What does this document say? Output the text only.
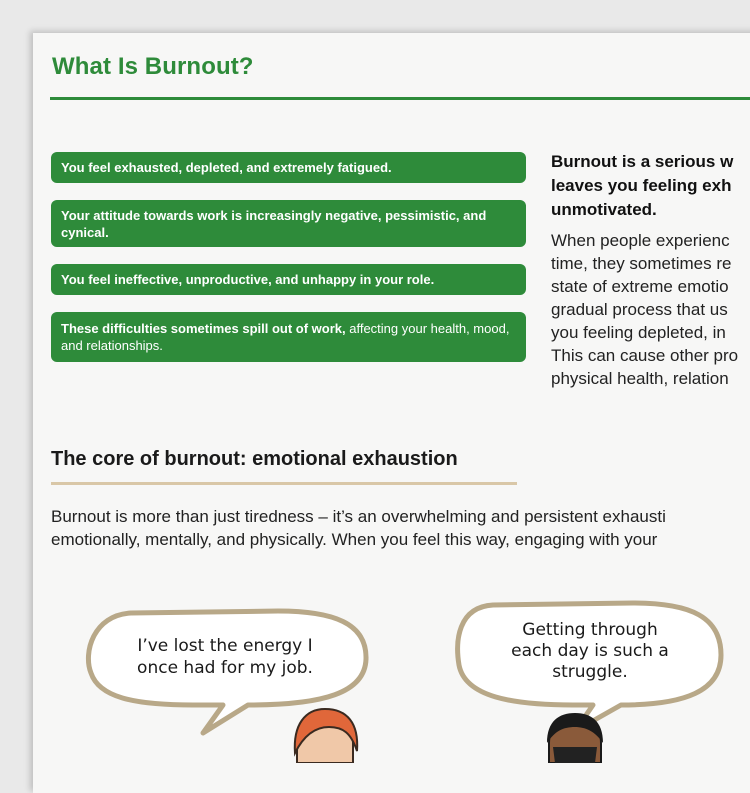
What Is Burnout?
You feel exhausted, depleted, and extremely fatigued.
Your attitude towards work is increasingly negative, pessimistic, and cynical.
You feel ineffective, unproductive, and unhappy in your role.
These difficulties sometimes spill out of work, affecting your health, mood, and relationships.

Burnout is a serious w
leaves you feeling exh
unmotivated.

When people experienc
time, they sometimes re
state of extreme emotio
gradual process that us
you feeling depleted, in
This can cause other pro
physical health, relation

The core of burnout: emotional exhaustion

Burnout is more than just tiredness – it’s an overwhelming and persistent exhausti
emotionally, mentally, and physically. When you feel this way, engaging with your

I’ve lost the energy I
once had for my job.
Getting through
each day is such a
struggle.
